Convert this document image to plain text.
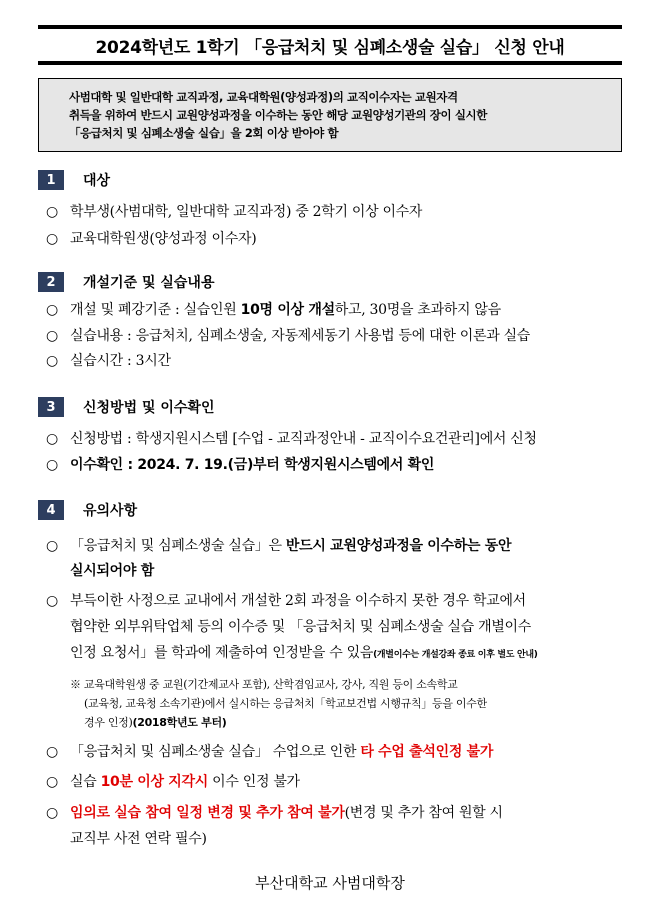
2024학년도 1학기 「응급처치 및 심폐소생술 실습」 신청 안내
사범대학 및 일반대학 교직과정, 교육대학원(양성과정)의 교직이수자는 교원자격
취득을 위하여 반드시 교원양성과정을 이수하는 동안 해당 교원양성기관의 장이 실시한
「응급처치 및 심폐소생술 실습」을 2회 이상 받아야 함
1	대상
○ 학부생(사범대학, 일반대학 교직과정) 중 2학기 이상 이수자
○ 교육대학원생(양성과정 이수자)
2	개설기준 및 실습내용
○ 개설 및 폐강기준 : 실습인원 10명 이상 개설하고, 30명을 초과하지 않음
○ 실습내용 : 응급처치, 심폐소생술, 자동제세동기 사용법 등에 대한 이론과 실습
○ 실습시간 : 3시간
3	신청방법 및 이수확인
○ 신청방법 : 학생지원시스템 [수업 - 교직과정안내 - 교직이수요건관리]에서 신청
○ 이수확인 : 2024. 7. 19.(금)부터 학생지원시스템에서 확인
4	유의사항
○ 「응급처치 및 심폐소생술 실습」은 반드시 교원양성과정을 이수하는 동안
실시되어야 함
○ 부득이한 사정으로 교내에서 개설한 2회 과정을 이수하지 못한 경우 학교에서
협약한 외부위탁업체 등의 이수증 및 「응급처치 및 심폐소생술 실습 개별이수
인정 요청서」를 학과에 제출하여 인정받을 수 있음(개별이수는 개설강좌 종료 이후 별도 안내)
※ 교육대학원생 중 교원(기간제교사 포함), 산학겸임교사, 강사, 직원 등이 소속학교
(교육청, 교육청 소속기관)에서 실시하는 응급처치「학교보건법 시행규칙」등을 이수한
경우 인정)(2018학년도 부터)
○ 「응급처치 및 심폐소생술 실습」 수업으로 인한 타 수업 출석인정 불가
○ 실습 10분 이상 지각시 이수 인정 불가
○ 임의로 실습 참여 일정 변경 및 추가 참여 불가(변경 및 추가 참여 원할 시
교직부 사전 연락 필수)
부산대학교 사범대학장
